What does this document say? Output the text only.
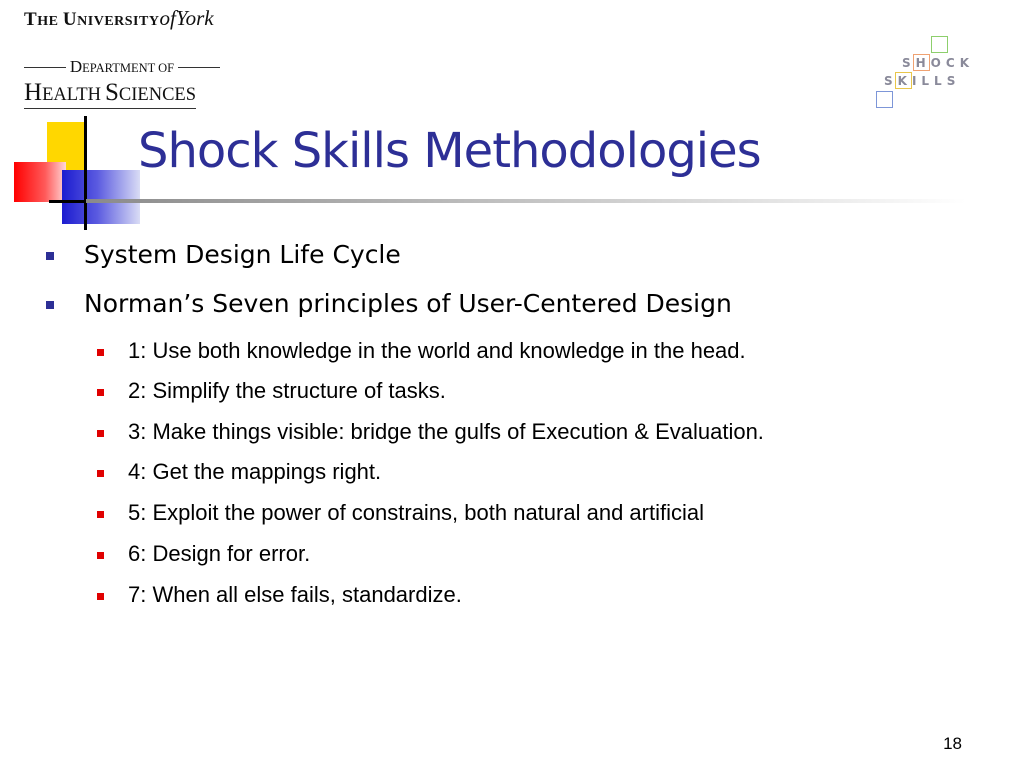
THE UNIVERSITYofYork
DEPARTMENT OF
HEALTH SCIENCES
SHOCK
SKILLS
Shock Skills Methodologies
System Design Life Cycle
Norman’s Seven principles of User-Centered Design
1: Use both knowledge in the world and knowledge in the head.
2: Simplify the structure of tasks.
3: Make things visible: bridge the gulfs of Execution & Evaluation.
4: Get the mappings right.
5: Exploit the power of constrains, both natural and artificial
6: Design for error.
7: When all else fails, standardize.
18
